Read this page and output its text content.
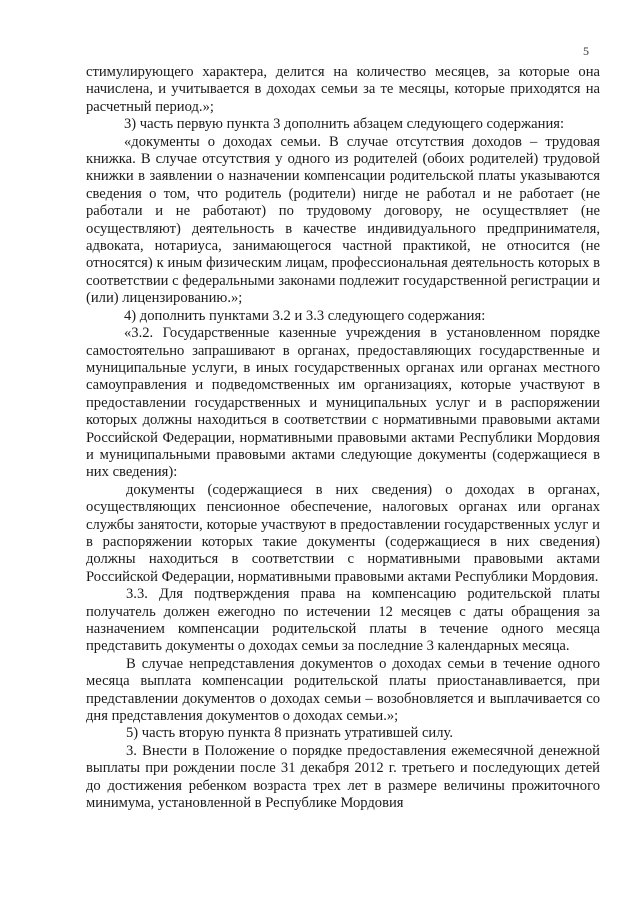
5

стимулирующего характера, делится на количество месяцев, за которые она начислена, и учитывается в доходах семьи за те месяцы, которые приходятся на расчетный период.»;

3) часть первую пункта 3 дополнить абзацем следующего содержания:

«документы о доходах семьи. В случае отсутствия доходов – трудовая книжка. В случае отсутствия у одного из родителей (обоих родителей) трудовой книжки в заявлении о назначении компенсации родительской платы указываются сведения о том, что родитель (родители) нигде не работал и не работает (не работали и не работают) по трудовому договору, не осуществляет (не осуществляют) деятельность в качестве индивидуального предпринимателя, адвоката, нотариуса, занимающегося частной практикой, не относится (не относятся) к иным физическим лицам, профессиональная деятельность которых в соответствии с федеральными законами подлежит государственной регистрации и (или) лицензированию.»;

4) дополнить пунктами 3.2 и 3.3 следующего содержания:

«3.2. Государственные казенные учреждения в установленном порядке самостоятельно запрашивают в органах, предоставляющих государственные и муниципальные услуги, в иных государственных органах или органах местного самоуправления и подведомственных им организациях, которые участвуют в предоставлении государственных и муниципальных услуг и в распоряжении которых должны находиться в соответствии с нормативными правовыми актами Российской Федерации, нормативными правовыми актами Республики Мордовия и муниципальными правовыми актами следующие документы (содержащиеся в них сведения):

документы (содержащиеся в них сведения) о доходах в органах, осуществляющих пенсионное обеспечение, налоговых органах или органах службы занятости, которые участвуют в предоставлении государственных услуг и в распоряжении которых такие документы (содержащиеся в них сведения) должны находиться в соответствии с нормативными правовыми актами Российской Федерации, нормативными правовыми актами Республики Мордовия.

3.3. Для подтверждения права на компенсацию родительской платы получатель должен ежегодно по истечении 12 месяцев с даты обращения за назначением компенсации родительской платы в течение одного месяца представить документы о доходах семьи за последние 3 календарных месяца.

В случае непредставления документов о доходах семьи в течение одного месяца выплата компенсации родительской платы приостанавливается, при представлении документов о доходах семьи – возобновляется и выплачивается со дня представления документов о доходах семьи.»;

5) часть вторую пункта 8 признать утратившей силу.

3. Внести в Положение о порядке предоставления ежемесячной денежной выплаты при рождении после 31 декабря 2012 г. третьего и последующих детей до достижения ребенком возраста трех лет в размере величины прожиточного минимума, установленной в Республике Мордовия
